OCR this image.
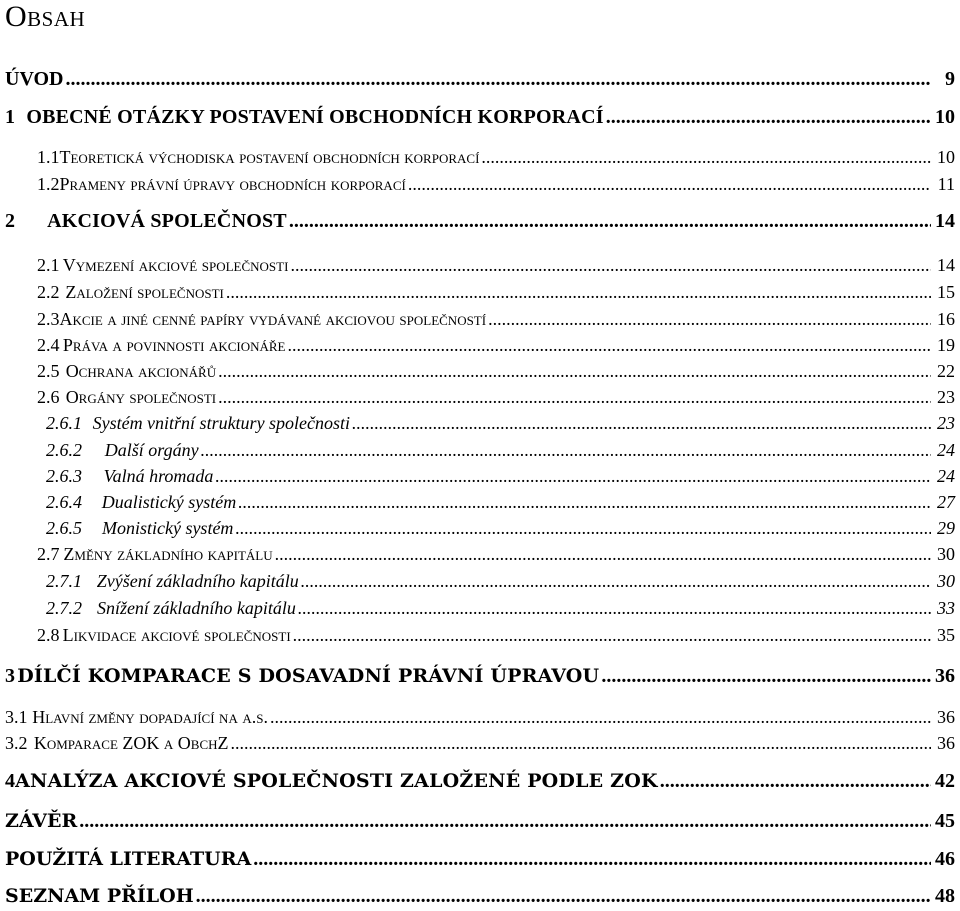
Obsah
ÚVOD .....	9
1 OBECNÉ OTÁZKY POSTAVENÍ OBCHODNÍCH KORPORACÍ .....	10
1.1 Teoretická východiska postavení obchodních korporací .....	10
1.2 Prameny právní úpravy obchodních korporací .....	11
2	AKCIOVÁ SPOLEČNOST .....	14
2.1 Vymezení akciové společnosti .....	14
2.2 Založení společnosti .....	15
2.3 Akcie a jiné cenné papíry vydávané akciovou společností .....	16
2.4 Práva a povinnosti akcionáře .....	19
2.5 Ochrana akcionářů .....	22
2.6 Orgány společnosti .....	23
2.6.1 Systém vnitřní struktury společnosti .....	23
2.6.2	Další orgány .....	24
2.6.3	Valná hromada .....	24
2.6.4	Dualistický systém .....	27
2.6.5	Monistický systém .....	29
2.7 Změny základního kapitálu .....	30
2.7.1 Zvýšení základního kapitálu .....	30
2.7.2 Snížení základního kapitálu .....	33
2.8 Likvidace akciové společnosti .....	35
3 DÍLČÍ KOMPARACE S DOSAVADNÍ PRÁVNÍ ÚPRAVOU .....	36
3.1 Hlavní změny dopadající na a.s. .....	36
3.2 Komparace ZOK a ObchZ .....	36
4 ANALÝZA AKCIOVÉ SPOLEČNOSTI ZALOŽENÉ PODLE ZOK .....	42
ZÁVĚR .....	45
POUŽITÁ LITERATURA .....	46
SEZNAM PŘÍLOH .....	48
